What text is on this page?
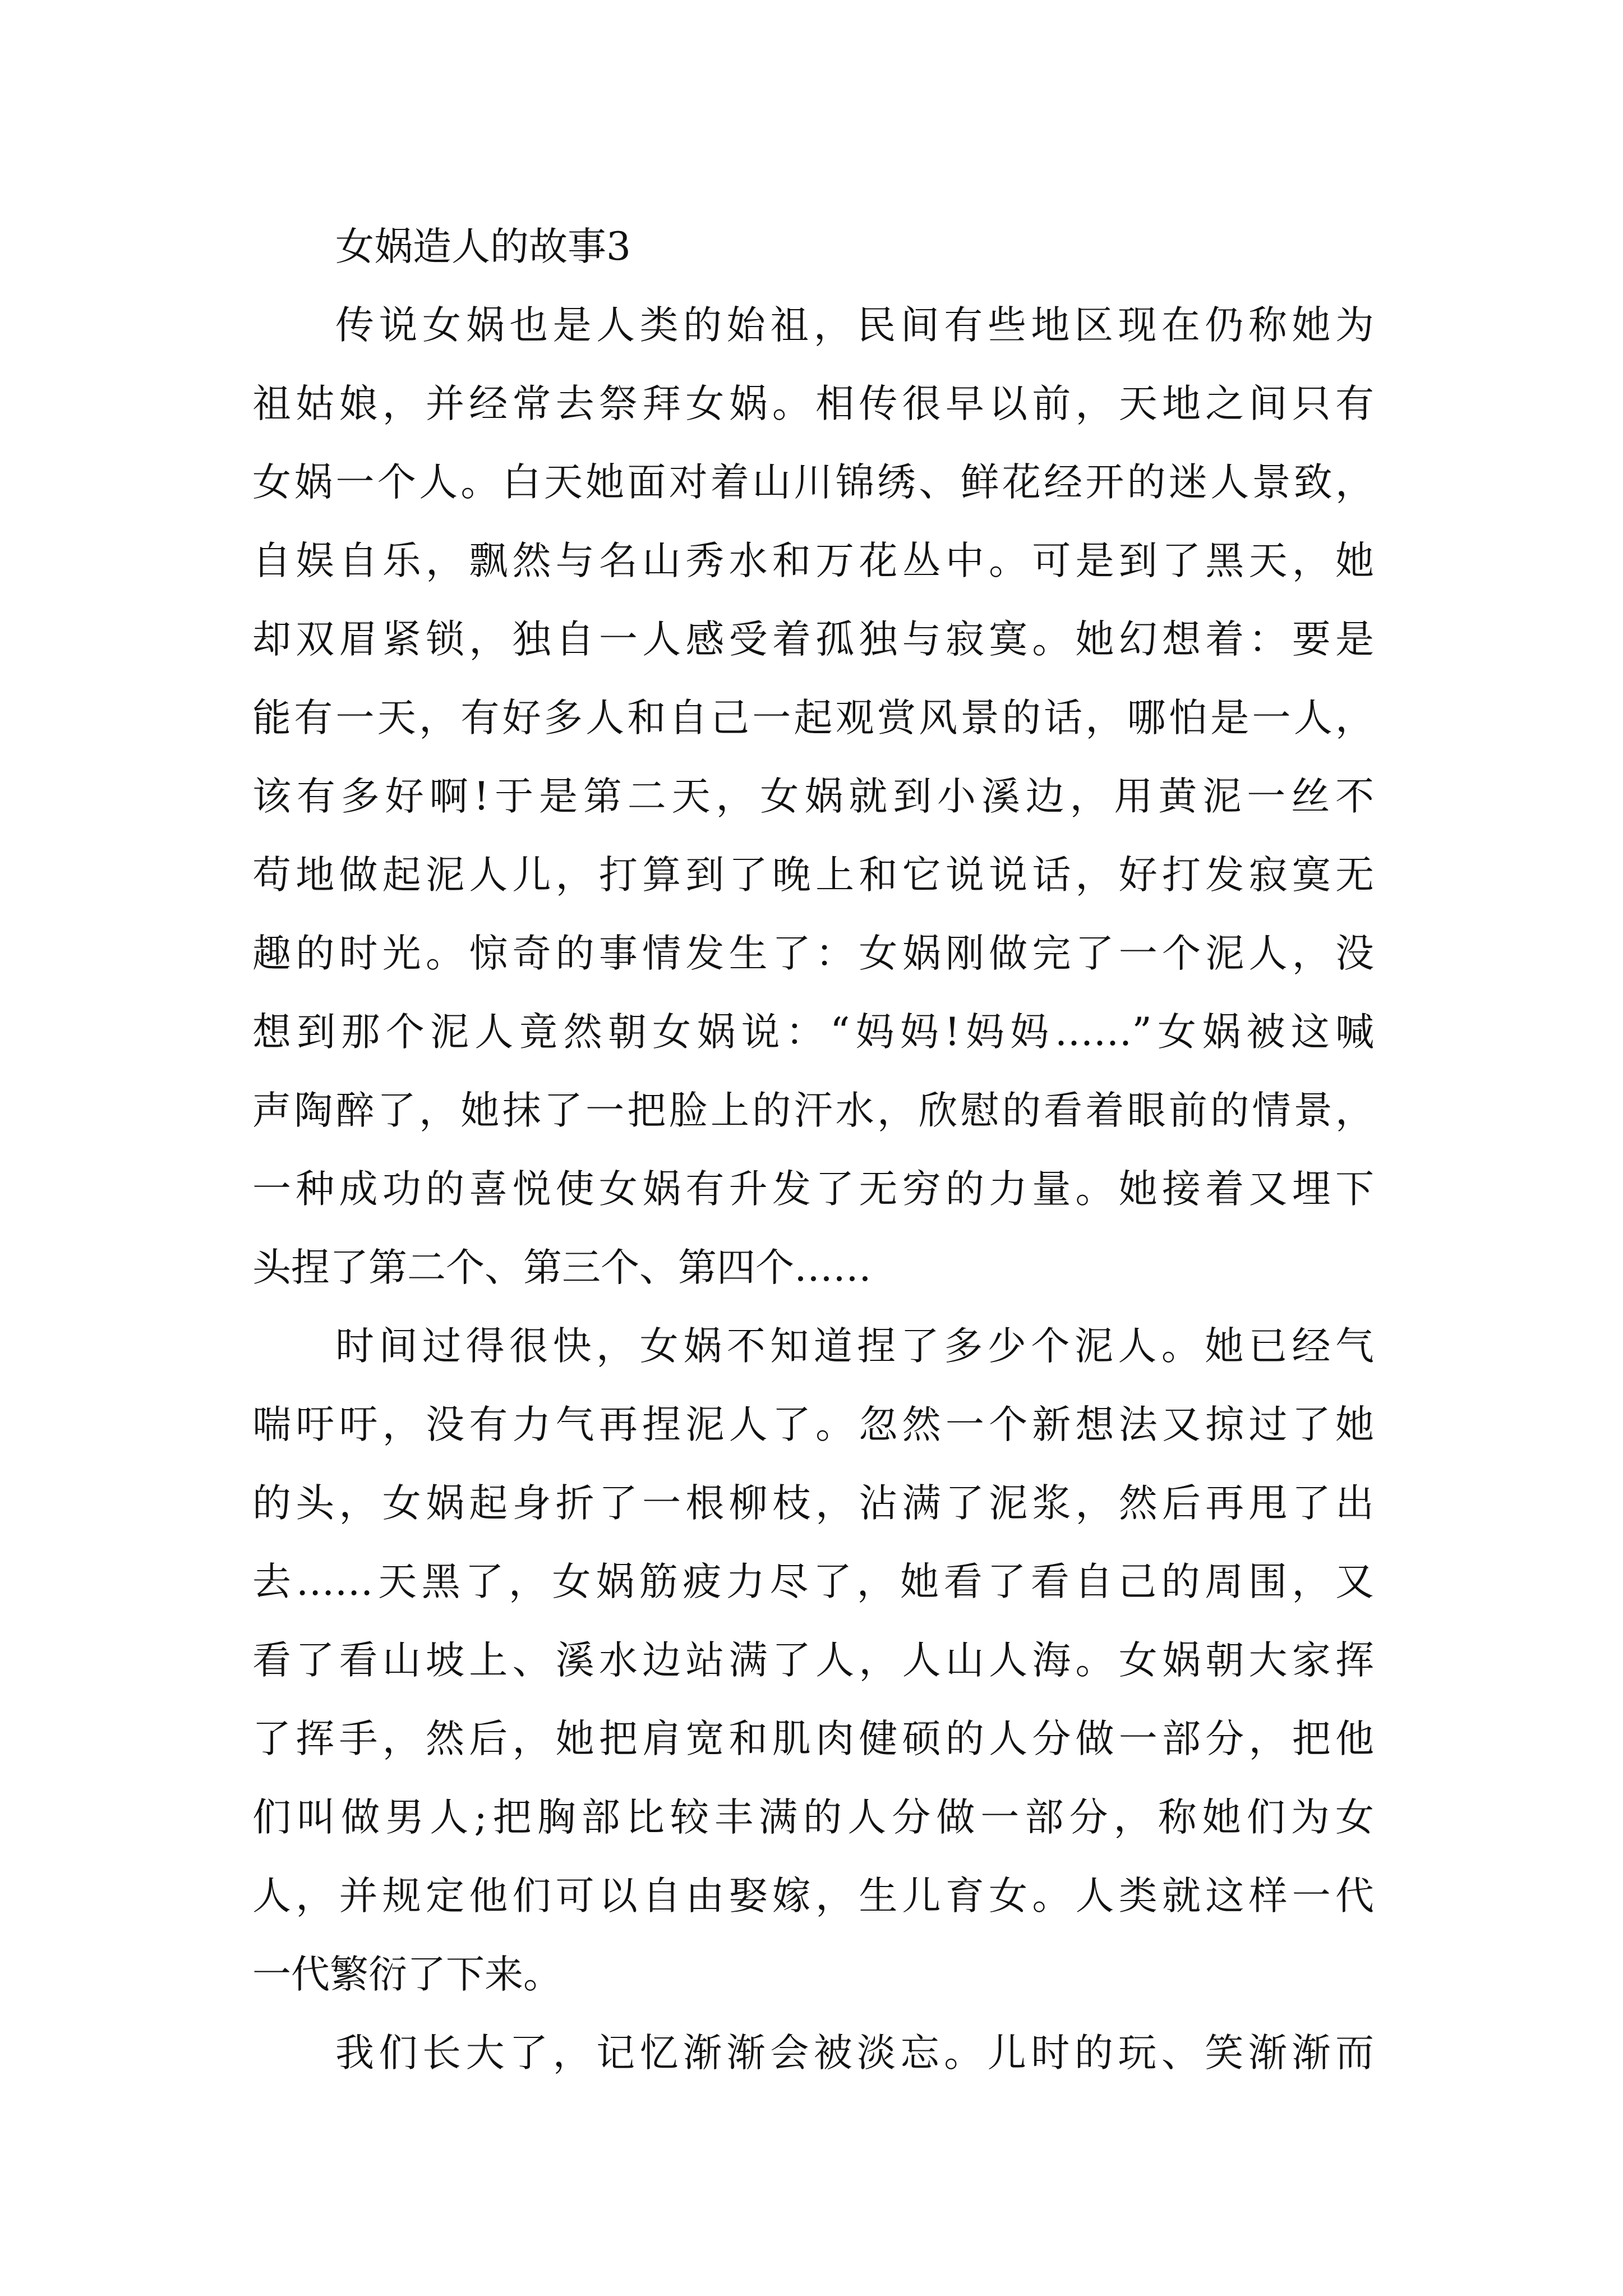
女娲造人的故事3
传说女娲也是人类的始祖，民间有些地区现在仍称她为
祖姑娘，并经常去祭拜女娲。相传很早以前，天地之间只有
女娲一个人。白天她面对着山川锦绣、鲜花经开的迷人景致，
自娱自乐，飘然与名山秀水和万花丛中。可是到了黑天，她
却双眉紧锁，独自一人感受着孤独与寂寞。她幻想着：要是
能有一天，有好多人和自己一起观赏风景的话，哪怕是一人，
该有多好啊!于是第二天，女娲就到小溪边，用黄泥一丝不
苟地做起泥人儿，打算到了晚上和它说说话，好打发寂寞无
趣的时光。惊奇的事情发生了：女娲刚做完了一个泥人，没
想到那个泥人竟然朝女娲说：“妈妈!妈妈……”女娲被这喊
声陶醉了，她抹了一把脸上的汗水，欣慰的看着眼前的情景，
一种成功的喜悦使女娲有升发了无穷的力量。她接着又埋下
头捏了第二个、第三个、第四个……
时间过得很快，女娲不知道捏了多少个泥人。她已经气
喘吁吁，没有力气再捏泥人了。忽然一个新想法又掠过了她
的头，女娲起身折了一根柳枝，沾满了泥浆，然后再甩了出
去……天黑了，女娲筋疲力尽了，她看了看自己的周围，又
看了看山坡上、溪水边站满了人，人山人海。女娲朝大家挥
了挥手，然后，她把肩宽和肌肉健硕的人分做一部分，把他
们叫做男人;把胸部比较丰满的人分做一部分，称她们为女
人，并规定他们可以自由娶嫁，生儿育女。人类就这样一代
一代繁衍了下来。
我们长大了，记忆渐渐会被淡忘。儿时的玩、笑渐渐而
